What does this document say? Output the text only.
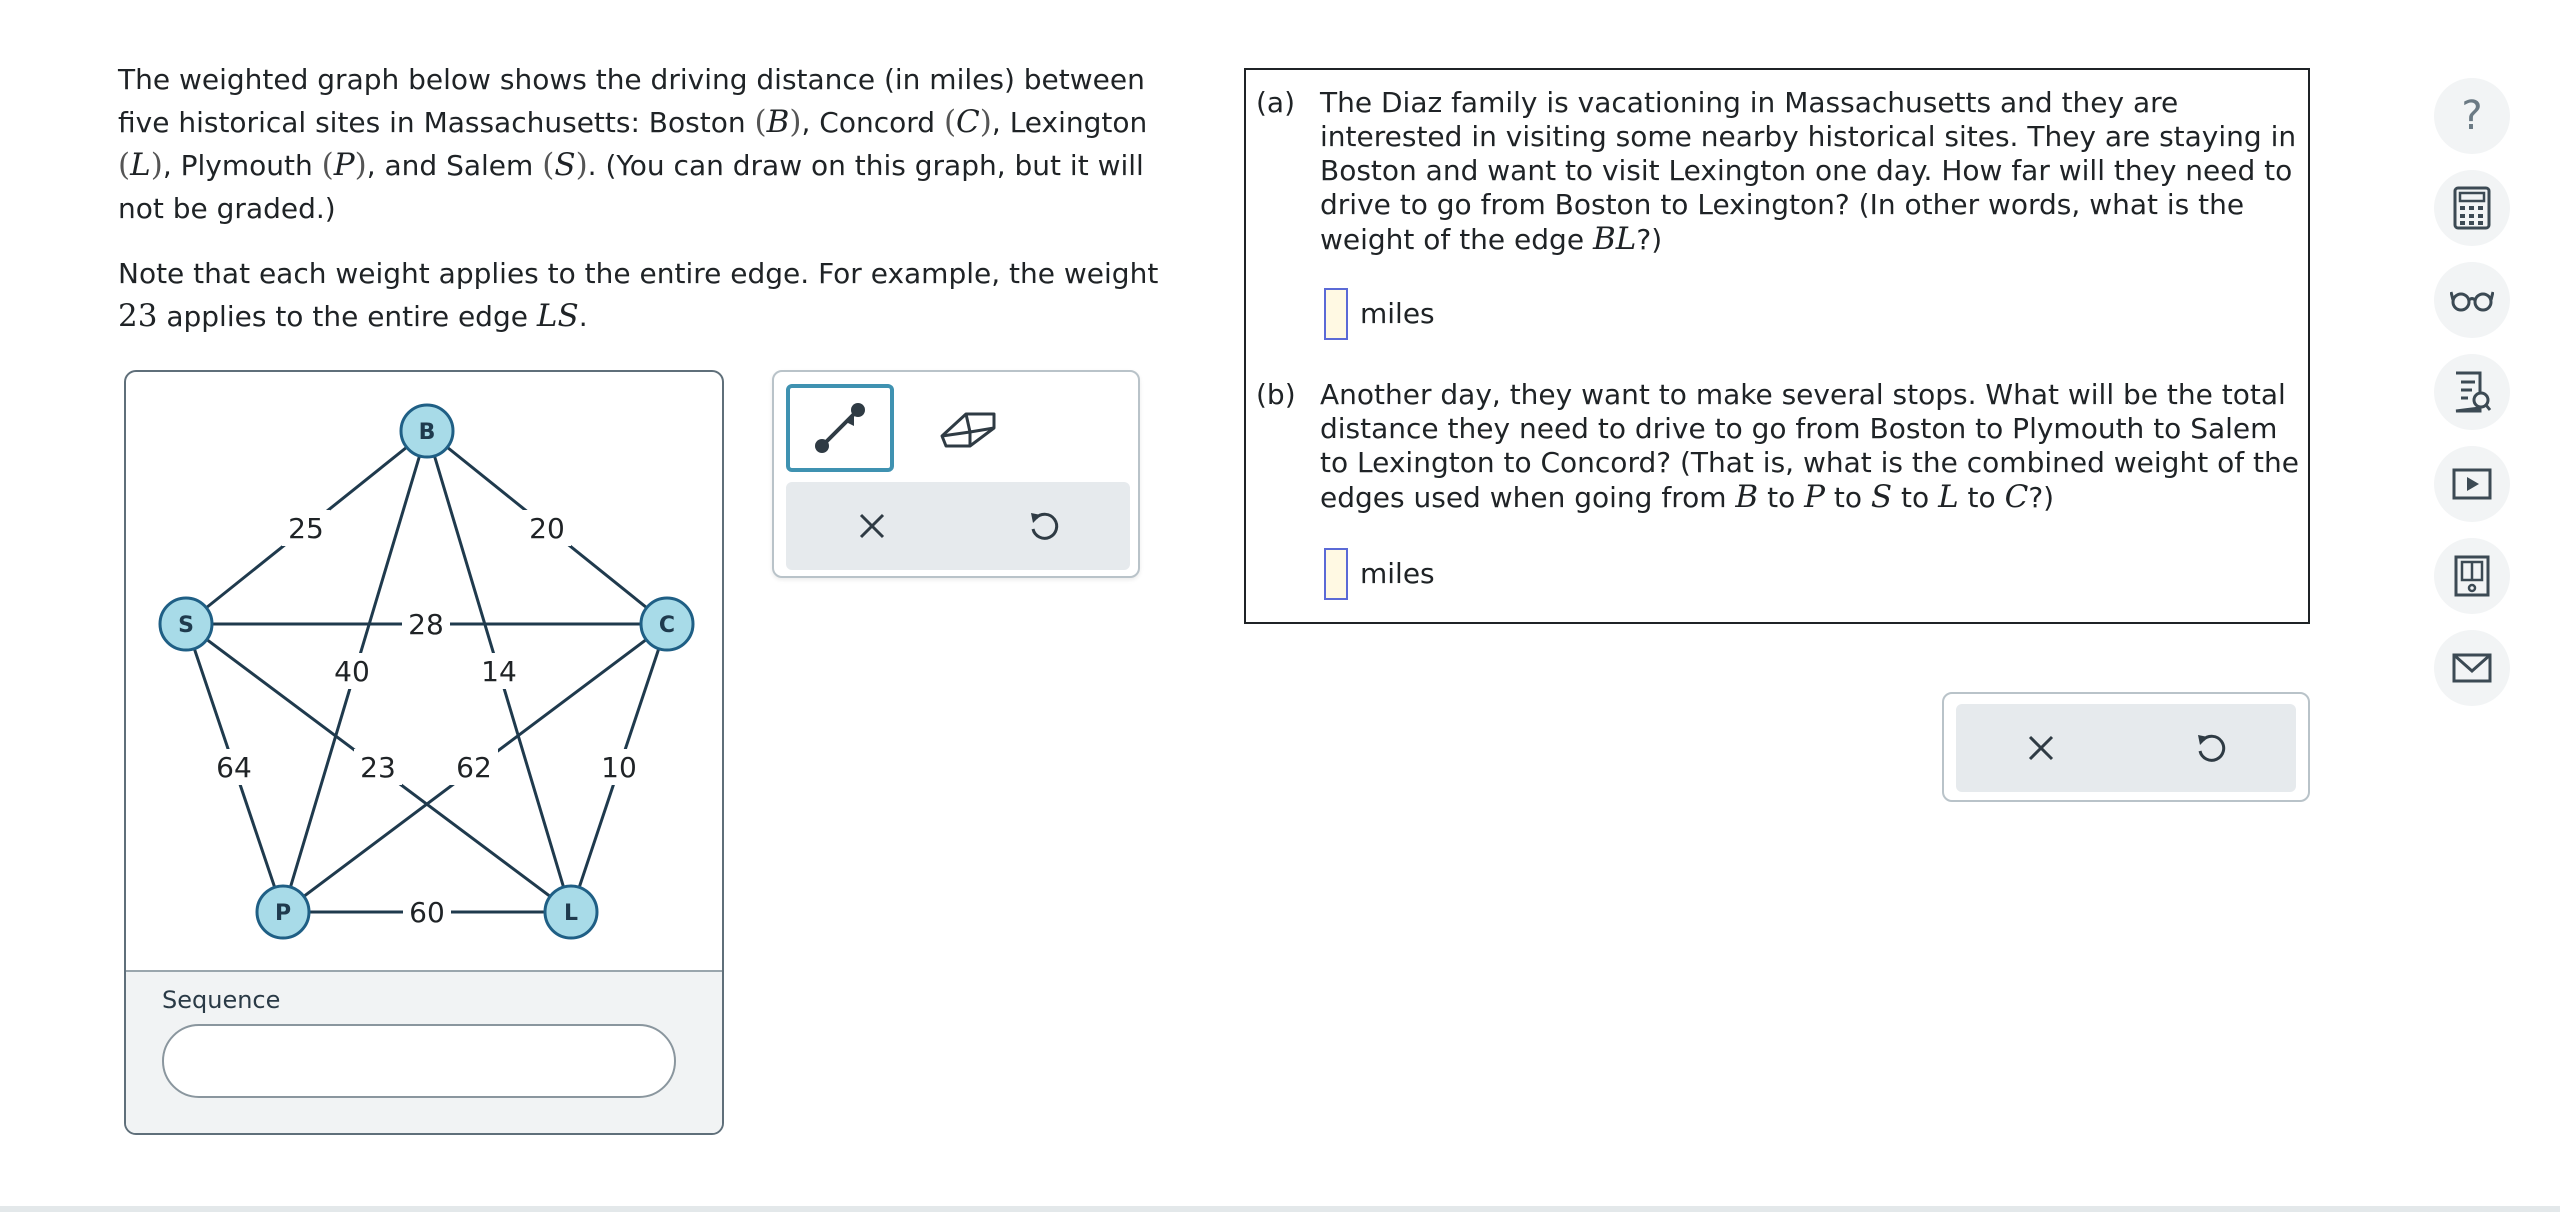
The weighted graph below shows the driving distance (in miles) between five historical sites in Massachusetts: Boston (B), Concord (C), Lexington (L), Plymouth (P), and Salem (S). (You can draw on this graph, but it will not be graded.)

Note that each weight applies to the entire edge. For example, the weight 23 applies to the entire edge LS.

25	20
28
40	14
64	23 62	10
60
B
S	C
P	L
Sequence
(a) The Diaz family is vacationing in Massachusetts and they are interested in visiting some nearby historical sites. They are staying in Boston and want to visit Lexington one day. How far will they need to drive to go from Boston to Lexington? (In other words, what is the weight of the edge BL?)
miles
(b) Another day, they want to make several stops. What will be the total distance they need to drive to go from Boston to Plymouth to Salem to Lexington to Concord? (That is, what is the combined weight of the edges used when going from B to P to S to L to C?)
miles
?
